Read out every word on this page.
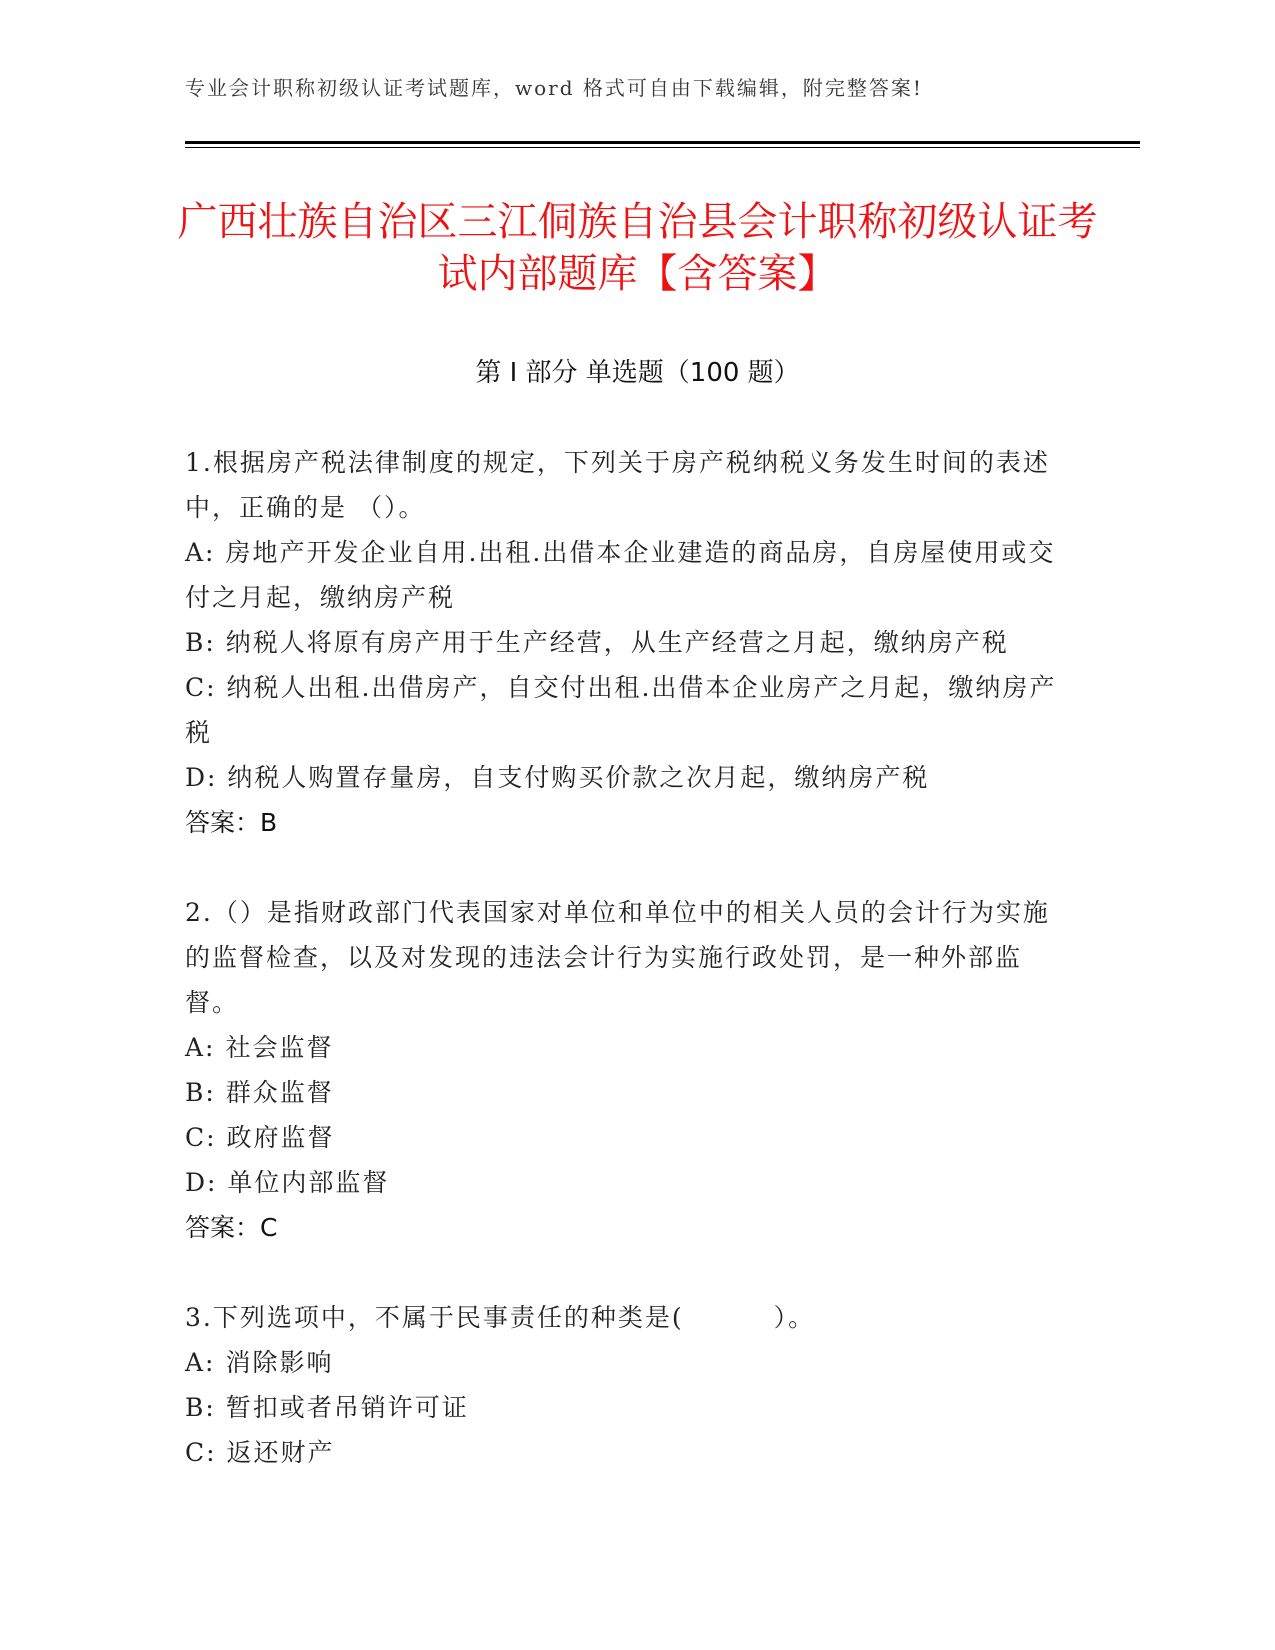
专业会计职称初级认证考试题库，word 格式可自由下载编辑，附完整答案!
广西壮族自治区三江侗族自治县会计职称初级认证考试内部题库【含答案】
第 I 部分 单选题（100 题）

1.根据房产税法律制度的规定，下列关于房产税纳税义务发生时间的表述中，正确的是 （）。

A: 房地产开发企业自用.出租.出借本企业建造的商品房，自房屋使用或交付之月起，缴纳房产税

B: 纳税人将原有房产用于生产经营，从生产经营之月起，缴纳房产税

C: 纳税人出租.出借房产，自交付出租.出借本企业房产之月起，缴纳房产税

D: 纳税人购置存量房，自支付购买价款之次月起，缴纳房产税

答案：B

2.（）是指财政部门代表国家对单位和单位中的相关人员的会计行为实施的监督检查，以及对发现的违法会计行为实施行政处罚，是一种外部监督。

A: 社会监督

B: 群众监督

C: 政府监督

D: 单位内部监督

答案：C

3.下列选项中，不属于民事责任的种类是(	）。

A: 消除影响

B: 暂扣或者吊销许可证

C: 返还财产
